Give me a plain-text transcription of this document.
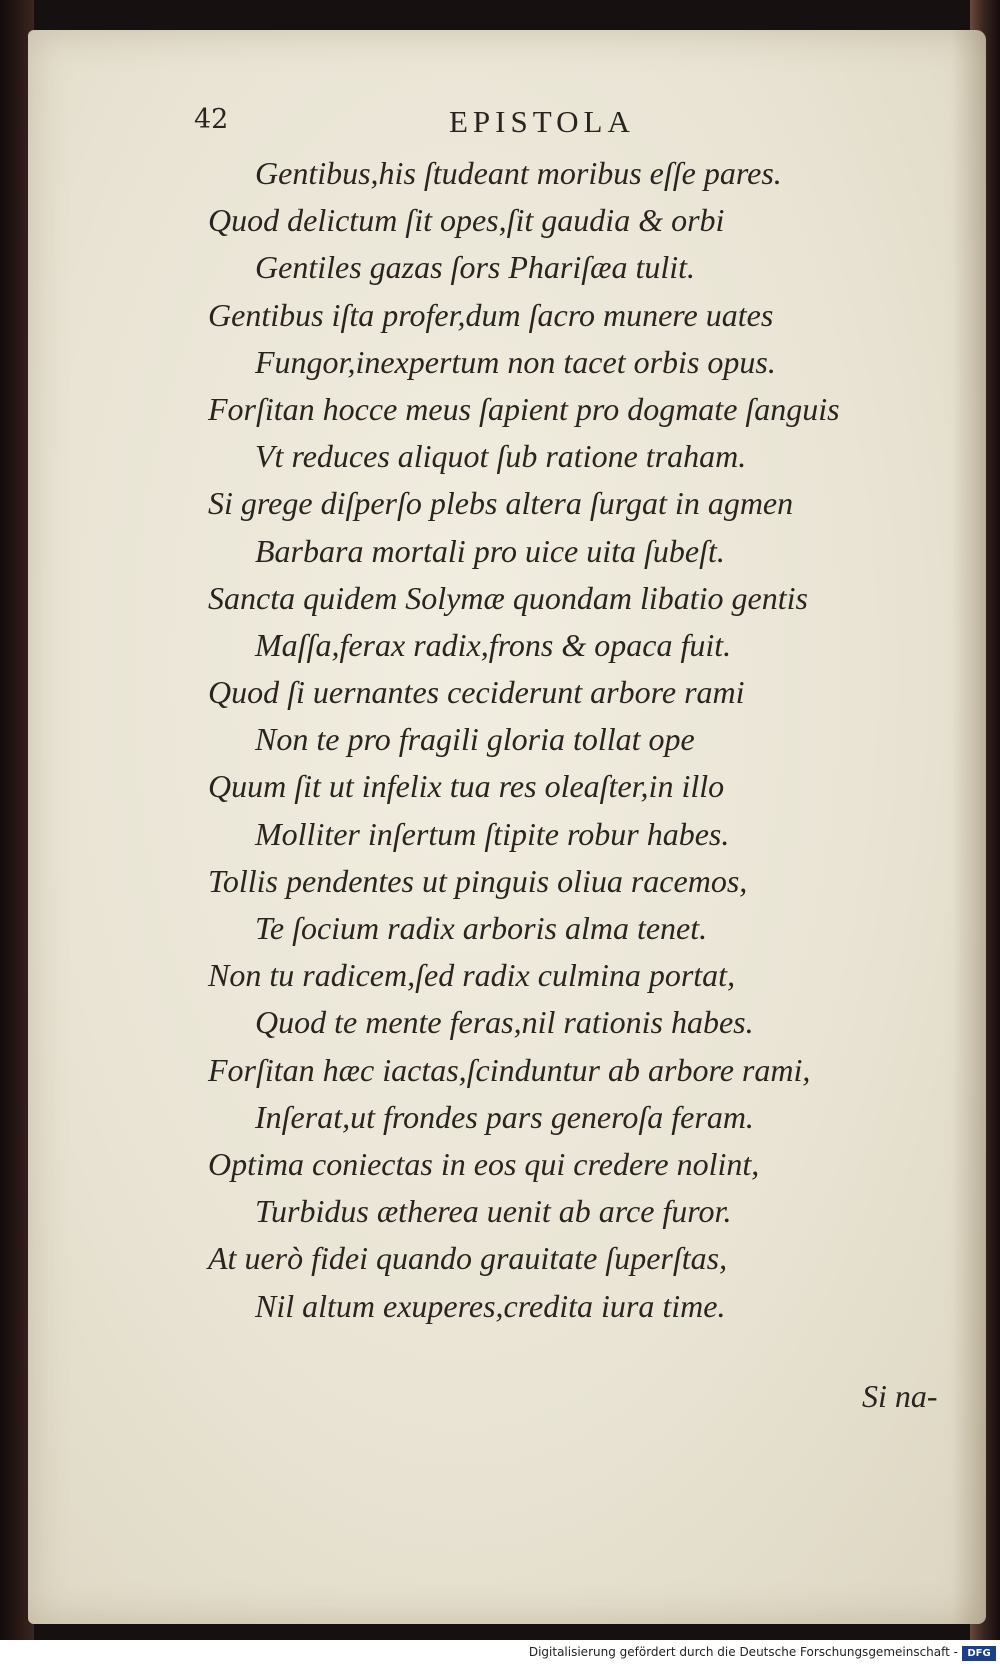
42	EPISTOLA
Gentibus,his ſtudeant moribus eſſe pares.
Quod delictum ſit opes,ſit gaudia & orbi
Gentiles gazas ſors Phariſæa tulit.
Gentibus iſta profer,dum ſacro munere uates
Fungor,inexpertum non tacet orbis opus.
Forſitan hocce meus ſapient pro dogmate ſanguis
Vt reduces aliquot ſub ratione traham.
Si grege diſperſo plebs altera ſurgat in agmen
Barbara mortali pro uice uita ſubeſt.
Sancta quidem Solymæ quondam libatio gentis
Maſſa,ferax radix,frons & opaca fuit.
Quod ſi uernantes ceciderunt arbore rami
Non te pro fragili gloria tollat ope
Quum ſit ut infelix tua res oleaſter,in illo
Molliter inſertum ſtipite robur habes.
Tollis pendentes ut pinguis oliua racemos,
Te ſocium radix arboris alma tenet.
Non tu radicem,ſed radix culmina portat,
Quod te mente feras,nil rationis habes.
Forſitan hæc iactas,ſcinduntur ab arbore rami,
Inſerat,ut frondes pars generoſa feram.
Optima coniectas in eos qui credere nolint,
Turbidus æthereа uenit ab arce furor.
At uerò fidei quando grauitate ſuperſtas,
Nil altum exuperes,credita iura time.
Si na-
Digitalisierung gefördert durch die Deutsche Forschungsgemeinschaft - DFG
